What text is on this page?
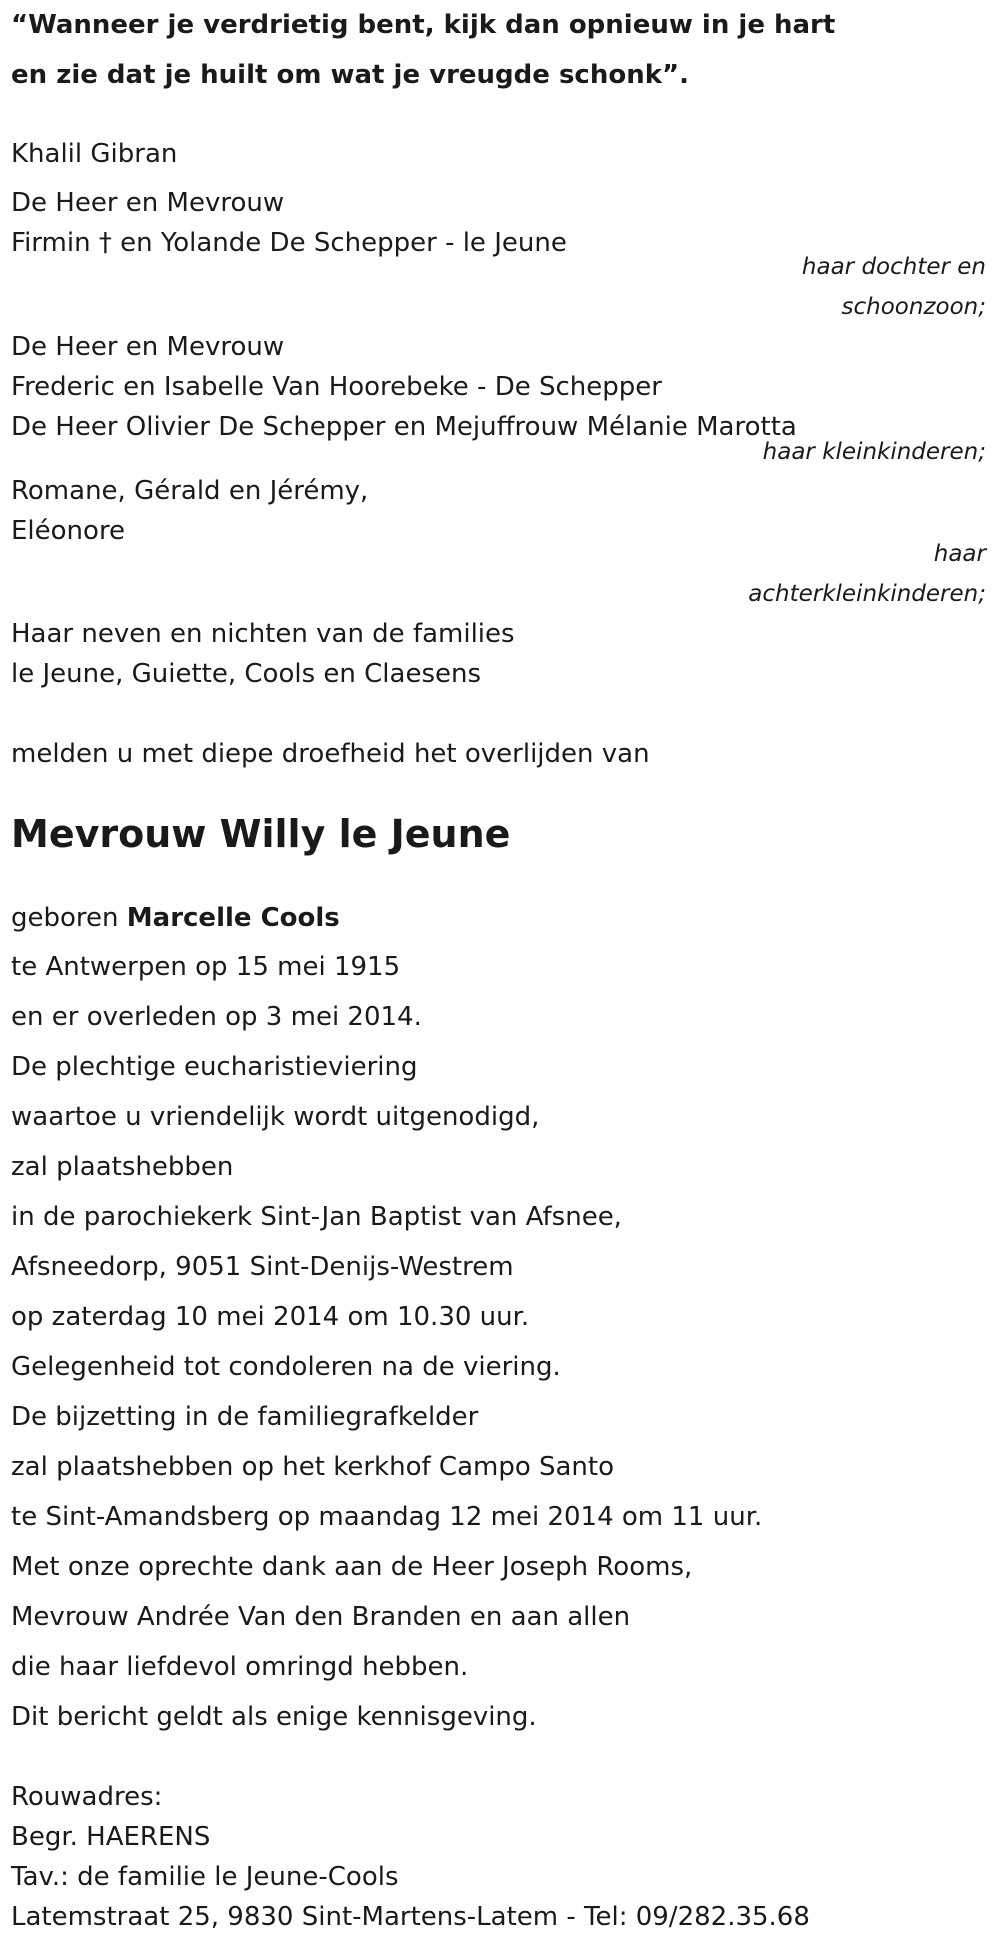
“Wanneer je verdrietig bent, kijk dan opnieuw in je hart
en zie dat je huilt om wat je vreugde schonk”.
Khalil Gibran
De Heer en Mevrouw
Firmin † en Yolande De Schepper - le Jeune
haar dochter en
schoonzoon;
De Heer en Mevrouw
Frederic en Isabelle Van Hoorebeke - De Schepper
De Heer Olivier De Schepper en Mejuffrouw Mélanie Marotta
haar kleinkinderen;
Romane, Gérald en Jérémy,
Eléonore
haar
achterkleinkinderen;
Haar neven en nichten van de families
le Jeune, Guiette, Cools en Claesens
melden u met diepe droefheid het overlijden van
Mevrouw Willy le Jeune
geboren Marcelle Cools
te Antwerpen op 15 mei 1915
en er overleden op 3 mei 2014.
De plechtige eucharistieviering
waartoe u vriendelijk wordt uitgenodigd,
zal plaatshebben
in de parochiekerk Sint-Jan Baptist van Afsnee,
Afsneedorp, 9051 Sint-Denijs-Westrem
op zaterdag 10 mei 2014 om 10.30 uur.
Gelegenheid tot condoleren na de viering.
De bijzetting in de familiegrafkelder
zal plaatshebben op het kerkhof Campo Santo
te Sint-Amandsberg op maandag 12 mei 2014 om 11 uur.
Met onze oprechte dank aan de Heer Joseph Rooms,
Mevrouw Andrée Van den Branden en aan allen
die haar liefdevol omringd hebben.
Dit bericht geldt als enige kennisgeving.
Rouwadres:
Begr. HAERENS
Tav.: de familie le Jeune-Cools
Latemstraat 25, 9830 Sint-Martens-Latem - Tel: 09/282.35.68
